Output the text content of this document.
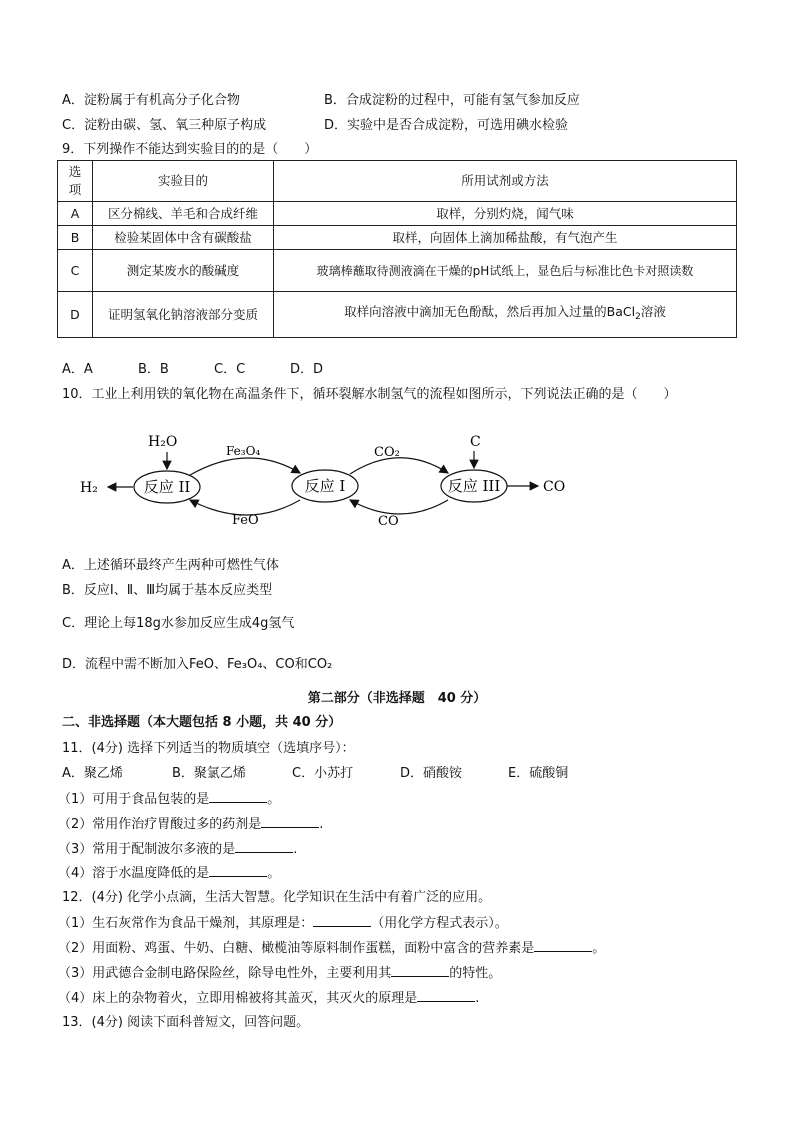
A．淀粉属于有机高分子化合物	B．合成淀粉的过程中，可能有氢气参加反应
C．淀粉由碳、氢、氧三种原子构成	D．实验中是否合成淀粉，可选用碘水检验
9．下列操作不能达到实验目的的是（　　）
选项	实验目的	所用试剂或方法
A	区分棉线、羊毛和合成纤维	取样，分别灼烧，闻气味
B	检验某固体中含有碳酸盐	取样，向固体上滴加稀盐酸，有气泡产生
C	测定某废水的酸碱度	玻璃棒蘸取待测液滴在干燥的pH试纸上，显色后与标准比色卡对照读数
D	证明氢氧化钠溶液部分变质	取样向溶液中滴加无色酚酞，然后再加入过量的BaCl$_2$溶液
A．A	B．B	C．C	D．D
10．工业上利用铁的氧化物在高温条件下，循环裂解水制氢气的流程如图所示，下列说法正确的是（　　）
H₂O
反应 II
H₂	反应 I
Fe₃O₄
FeO
反应 III
CO₂
CO
C
CO
A．上述循环最终产生两种可燃性气体
B．反应Ⅰ、Ⅱ、Ⅲ均属于基本反应类型
C．理论上每18g水参加反应生成4g氢气
D．流程中需不断加入FeO、Fe₃O₄、CO和CO₂
第二部分（非选择题　40 分）
二、非选择题（本大题包括 8 小题，共 40 分）
11．(4分) 选择下列适当的物质填空（选填序号）：
A．聚乙烯	B．聚氯乙烯	C．小苏打	D．硝酸铵	E．硫酸铜
（1）可用于食品包装的是	。
（2）常用作治疗胃酸过多的药剂是	.
（3）常用于配制波尔多液的是	.
（4）溶于水温度降低的是	。
12．(4分) 化学小点滴，生活大智慧。化学知识在生活中有着广泛的应用。
（1）生石灰常作为食品干燥剂，其原理是：	（用化学方程式表示）。
（2）用面粉、鸡蛋、牛奶、白糖、橄榄油等原料制作蛋糕，面粉中富含的营养素是	。
（3）用武德合金制电路保险丝，除导电性外，主要利用其	的特性。
（4）床上的杂物着火，立即用棉被将其盖灭，其灭火的原理是	.
13．(4分) 阅读下面科普短文，回答问题。
